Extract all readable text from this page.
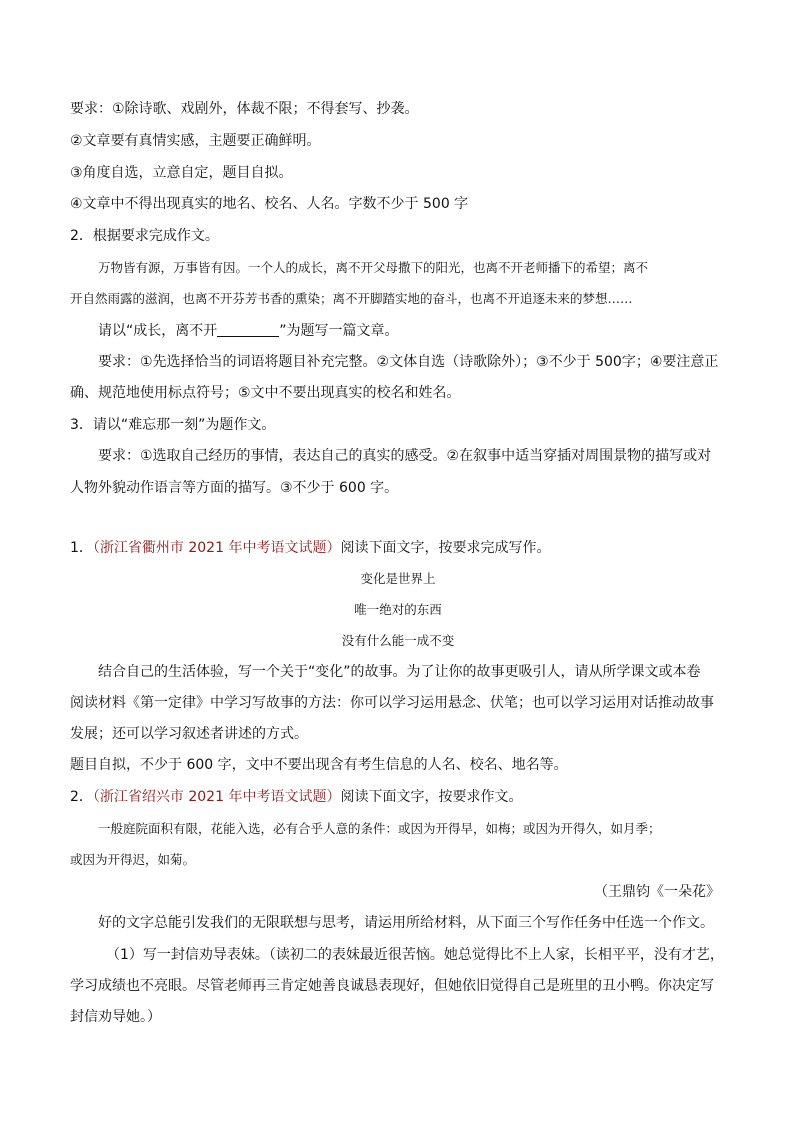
要求：①除诗歌、戏剧外，体裁不限；不得套写、抄袭。
②文章要有真情实感，主题要正确鲜明。
③角度自选，立意自定，题目自拟。
④文章中不得出现真实的地名、校名、人名。字数不少于 500 字
2．根据要求完成作文。
万物皆有源，万事皆有因。一个人的成长，离不开父母撒下的阳光，也离不开老师播下的希望；离不
开自然雨露的滋润，也离不开芬芳书香的熏染；离不开脚踏实地的奋斗，也离不开追逐未来的梦想……
请以“成长，离不开	”为题写一篇文章。
要求：①先选择恰当的词语将题目补充完整。②文体自选（诗歌除外）；③不少于 500字；④要注意正
确、规范地使用标点符号；⑤文中不要出现真实的校名和姓名。
3．请以“难忘那一刻”为题作文。
要求：①选取自己经历的事情，表达自己的真实的感受。②在叙事中适当穿插对周围景物的描写或对
人物外貌动作语言等方面的描写。③不少于 600 字。
1．（浙江省衢州市 2021 年中考语文试题）阅读下面文字，按要求完成写作。
变化是世界上
唯一绝对的东西
没有什么能一成不变
结合自己的生活体验，写一个关于“变化”的故事。为了让你的故事更吸引人，请从所学课文或本卷
阅读材料《第一定律》中学习写故事的方法：你可以学习运用悬念、伏笔；也可以学习运用对话推动故事
发展；还可以学习叙述者讲述的方式。
题目自拟，不少于 600 字，文中不要出现含有考生信息的人名、校名、地名等。
2．（浙江省绍兴市 2021 年中考语文试题）阅读下面文字，按要求作文。
一般庭院面积有限，花能入选，必有合乎人意的条件：或因为开得早，如梅；或因为开得久，如月季；
或因为开得迟，如菊。
（王鼎钧《一朵花》
好的文字总能引发我们的无限联想与思考，请运用所给材料，从下面三个写作任务中任选一个作文。
（1）写一封信劝导表妹。（读初二的表妹最近很苦恼。她总觉得比不上人家，长相平平，没有才艺，
学习成绩也不亮眼。尽管老师再三肯定她善良诚恳表现好，但她依旧觉得自己是班里的丑小鸭。你决定写
封信劝导她。）
